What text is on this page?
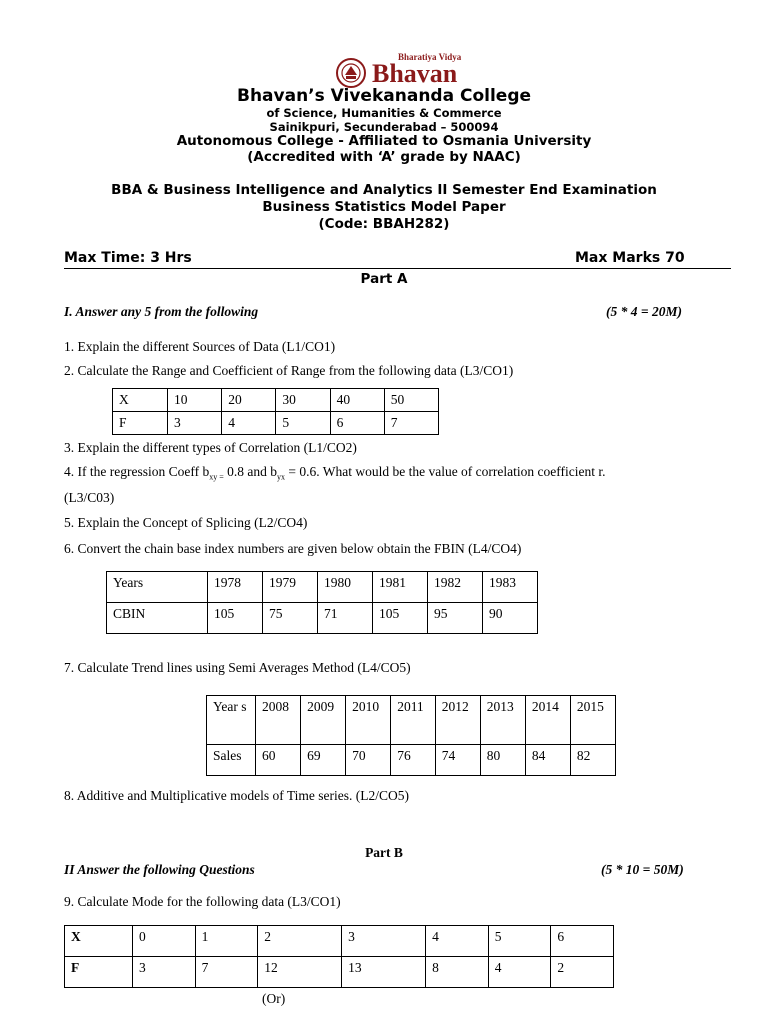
Bharatiya Vidya
Bhavan
Bhavan’s Vivekananda College
of Science, Humanities & Commerce
Sainikpuri, Secunderabad – 500094
Autonomous College - Affiliated to Osmania University
(Accredited with ‘A’ grade by NAAC)
BBA & Business Intelligence and Analytics II Semester End Examination
Business Statistics Model Paper
(Code: BBAH282)
Max Time: 3 Hrs	Max Marks 70
Part A
I. Answer any 5 from the following	(5 * 4 = 20M)
1. Explain the different Sources of Data (L1/CO1)
2. Calculate the Range and Coefficient of Range from the following data (L3/CO1)
X	10	20	30	40	50
F	3	4	5	6	7
3. Explain the different types of Correlation (L1/CO2)
4. If the regression Coeff $b_{xy =}$ 0.8 and $b_{yx} = 0.6$. What would be the value of correlation coefficient r.
(L3/C03)
5. Explain the Concept of Splicing (L2/CO4)
6. Convert the chain base index numbers are given below obtain the FBIN (L4/CO4)
Years	1978	1979	1980	1981	1982	1983
CBIN	105	75	71	105	95	90
7. Calculate Trend lines using Semi Averages Method (L4/CO5)
Year s	2008	2009	2010	2011	2012	2013	2014	2015
Sales	60	69	70	76	74	80	84	82
8. Additive and Multiplicative models of Time series. (L2/CO5)
Part B
II Answer the following Questions	(5 * 10 = 50M)
9. Calculate Mode for the following data (L3/CO1)
X	0	1	2	3	4	5	6
F	3	7	12	13	8	4	2
(Or)
